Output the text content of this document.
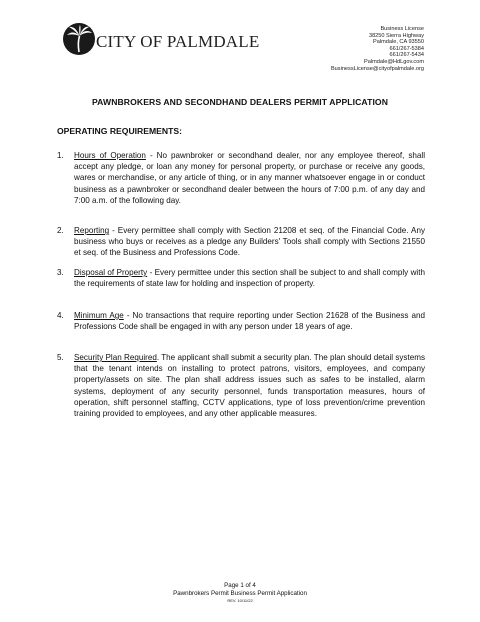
CITY OF PALMDALE
Business License
38250 Sierra Highway
Palmdale, CA 93550
661/267-5384
661/267-5434
Palmdale@HdLgov.com
BusinessLicense@cityofpalmdale.org
PAWNBROKERS AND SECONDHAND DEALERS PERMIT APPLICATION
OPERATING REQUIREMENTS:
1. Hours of Operation - No pawnbroker or secondhand dealer, nor any employee thereof, shall accept any pledge, or loan any money for personal property, or purchase or receive any goods, wares or merchandise, or any article of thing, or in any manner whatsoever engage in or conduct business as a pawnbroker or secondhand dealer between the hours of 7:00 p.m. of any day and 7:00 a.m. of the following day.
2. Reporting - Every permittee shall comply with Section 21208 et seq. of the Financial Code. Any business who buys or receives as a pledge any Builders' Tools shall comply with Sections 21550 et seq. of the Business and Professions Code.
3. Disposal of Property - Every permittee under this section shall be subject to and shall comply with the requirements of state law for holding and inspection of property.
4. Minimum Age - No transactions that require reporting under Section 21628 of the Business and Professions Code shall be engaged in with any person under 18 years of age.
5. Security Plan Required. The applicant shall submit a security plan. The plan should detail systems that the tenant intends on installing to protect patrons, visitors, employees, and company property/assets on site. The plan shall address issues such as safes to be installed, alarm systems, deployment of any security personnel, funds transportation measures, hours of operation, shift personnel staffing, CCTV applications, type of loss prevention/crime prevention training provided to employees, and any other applicable measures.
Page 1 of 4
Pawnbrokers Permit Business Permit Application
REV. 10/11/22
